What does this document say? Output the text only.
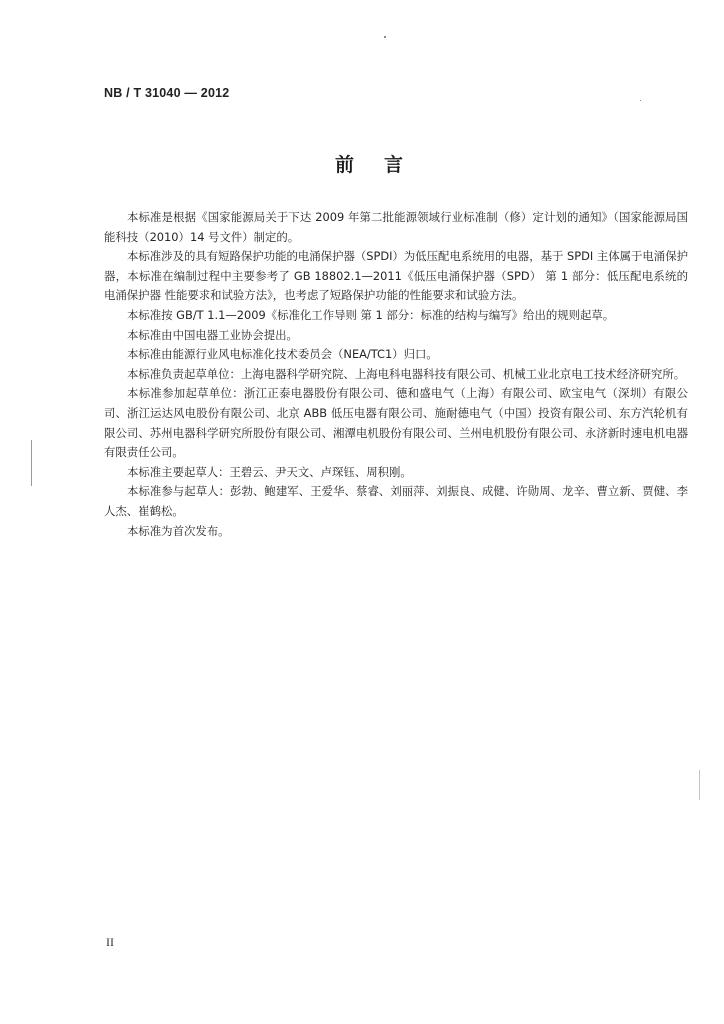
NB / T 31040 — 2012
前言

本标准是根据《国家能源局关于下达 2009 年第二批能源领域行业标准制（修）定计划的通知》（国家能源局国能科技（2010）14 号文件）制定的。

本标准涉及的具有短路保护功能的电涌保护器（SPDI）为低压配电系统用的电器，基于 SPDI 主体属于电涌保护器，本标准在编制过程中主要参考了 GB 18802.1—2011《低压电涌保护器（SPD） 第 1 部分：低压配电系统的电涌保护器 性能要求和试验方法》，也考虑了短路保护功能的性能要求和试验方法。

本标准按 GB/T 1.1—2009《标准化工作导则 第 1 部分：标准的结构与编写》给出的规则起草。

本标准由中国电器工业协会提出。

本标准由能源行业风电标准化技术委员会（NEA/TC1）归口。

本标准负责起草单位：上海电器科学研究院、上海电科电器科技有限公司、机械工业北京电工技术经济研究所。

本标准参加起草单位：浙江正泰电器股份有限公司、德和盛电气（上海）有限公司、欧宝电气（深圳）有限公司、浙江运达风电股份有限公司、北京 ABB 低压电器有限公司、施耐德电气（中国）投资有限公司、东方汽轮机有限公司、苏州电器科学研究所股份有限公司、湘潭电机股份有限公司、兰州电机股份有限公司、永济新时速电机电器有限责任公司。

本标准主要起草人：王碧云、尹天文、卢琛钰、周积刚。

本标准参与起草人：彭勃、鲍建军、王爱华、蔡睿、刘丽萍、刘振良、成健、许勋周、龙辛、曹立新、贾健、李人杰、崔鹤松。

本标准为首次发布。

II
